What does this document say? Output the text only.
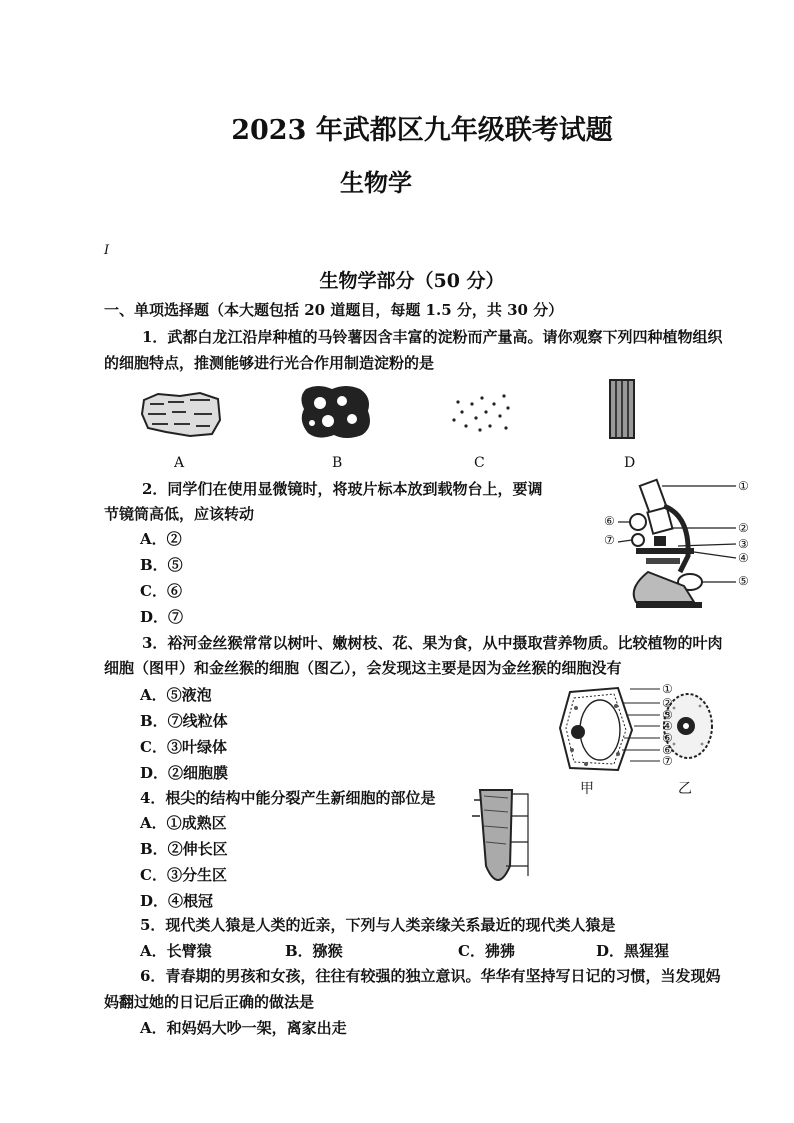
2023 年武都区九年级联考试题
生物学
I
生物学部分（50 分）
一、单项选择题（本大题包括 20 道题目，每题 1.5 分，共 30 分）
1．武都白龙江沿岸种植的马铃薯因含丰富的淀粉而产量高。请你观察下列四种植物组织
的细胞特点，推测能够进行光合作用制造淀粉的是
A	B	C	D
2．同学们在使用显微镜时，将玻片标本放到载物台上，要调
节镜筒高低，应该转动
A．②
B．⑤
C．⑥
D．⑦
①
②
③
④
⑤
⑥
⑦
3．裕河金丝猴常常以树叶、嫩树枝、花、果为食，从中摄取营养物质。比较植物的叶肉
细胞（图甲）和金丝猴的细胞（图乙），会发现这主要是因为金丝猴的细胞没有
A．⑤液泡
B．⑦线粒体
C．③叶绿体
D．②细胞膜
①
②
③
④
⑤
⑥
⑦
甲	乙
4．根尖的结构中能分裂产生新细胞的部位是
A．①成熟区
B．②伸长区
C．③分生区
D．④根冠
5．现代类人猿是人类的近亲，下列与人类亲缘关系最近的现代类人猿是
A．长臂猿	B．猕猴	C．狒狒	D．黑猩猩
6．青春期的男孩和女孩，往往有较强的独立意识。华华有坚持写日记的习惯，当发现妈
妈翻过她的日记后正确的做法是
A．和妈妈大吵一架，离家出走
